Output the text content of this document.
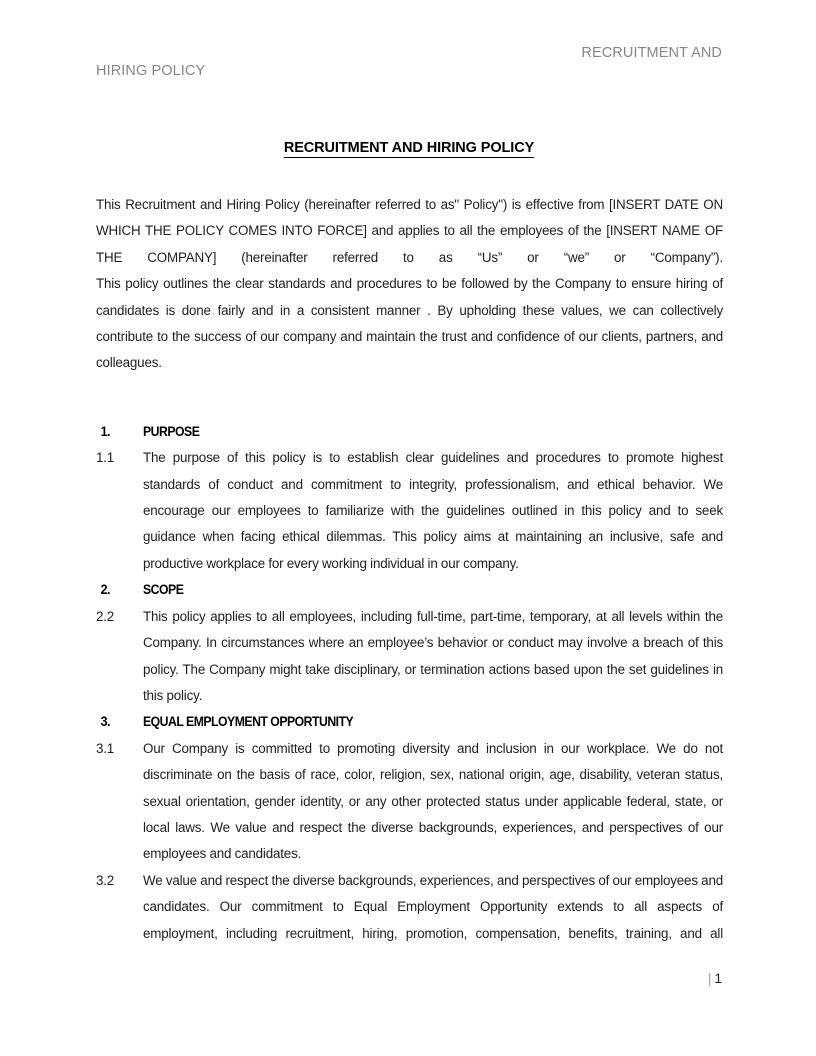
RECRUITMENT AND
HIRING POLICY
RECRUITMENT AND HIRING POLICY

This Recruitment and Hiring Policy (hereinafter referred to as" Policy") is effective from [INSERT DATE ON WHICH THE POLICY COMES INTO FORCE] and applies to all the employees of the [INSERT NAME OF THE COMPANY] (hereinafter referred to as “Us” or “we” or “Company”).

This policy outlines the clear standards and procedures to be followed by the Company to ensure hiring of candidates is done fairly and in a consistent manner . By upholding these values, we can collectively contribute to the success of our company and maintain the trust and confidence of our clients, partners, and colleagues.

1.	PURPOSE
1.1	The purpose of this policy is to establish clear guidelines and procedures to promote highest standards of conduct and commitment to integrity, professionalism, and ethical behavior. We encourage our employees to familiarize with the guidelines outlined in this policy and to seek guidance when facing ethical dilemmas. This policy aims at maintaining an inclusive, safe and productive workplace for every working individual in our company.
2.	SCOPE
2.2	This policy applies to all employees, including full-time, part-time, temporary, at all levels within the Company. In circumstances where an employee’s behavior or conduct may involve a breach of this policy. The Company might take disciplinary, or termination actions based upon the set guidelines in this policy.
3.	EQUAL EMPLOYMENT OPPORTUNITY
3.1	Our Company is committed to promoting diversity and inclusion in our workplace. We do not discriminate on the basis of race, color, religion, sex, national origin, age, disability, veteran status, sexual orientation, gender identity, or any other protected status under applicable federal, state, or local laws. We value and respect the diverse backgrounds, experiences, and perspectives of our employees and candidates.
3.2	We value and respect the diverse backgrounds, experiences, and perspectives of our employees and candidates. Our commitment to Equal Employment Opportunity extends to all aspects of employment, including recruitment, hiring, promotion, compensation, benefits, training, and all
| 1
